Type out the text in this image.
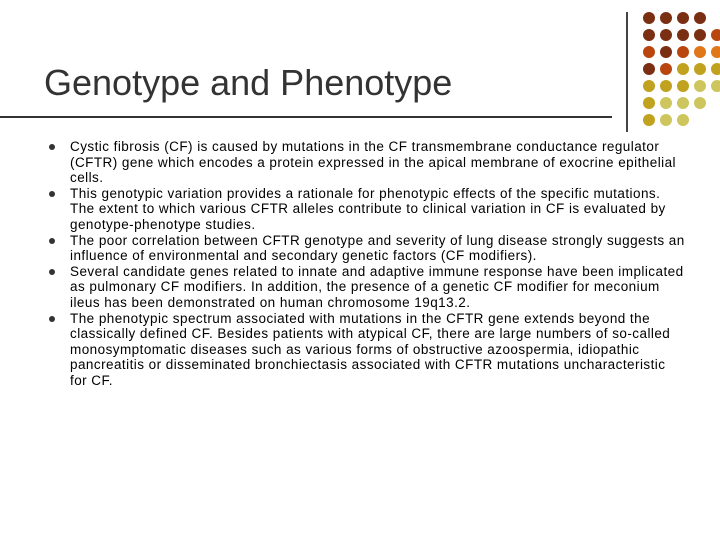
Genotype and Phenotype
Cystic fibrosis (CF) is caused by mutations in the CF transmembrane conductance regulator (CFTR) gene which encodes a protein expressed in the apical membrane of exocrine epithelial cells.
This genotypic variation provides a rationale for phenotypic effects of the specific mutations. The extent to which various CFTR alleles contribute to clinical variation in CF is evaluated by genotype-phenotype studies.
The poor correlation between CFTR genotype and severity of lung disease strongly suggests an influence of environmental and secondary genetic factors (CF modifiers).
Several candidate genes related to innate and adaptive immune response have been implicated as pulmonary CF modifiers. In addition, the presence of a genetic CF modifier for meconium ileus has been demonstrated on human chromosome 19q13.2.
The phenotypic spectrum associated with mutations in the CFTR gene extends beyond the classically defined CF. Besides patients with atypical CF, there are large numbers of so-called monosymptomatic diseases such as various forms of obstructive azoospermia, idiopathic pancreatitis or disseminated bronchiectasis associated with CFTR mutations uncharacteristic for CF.
